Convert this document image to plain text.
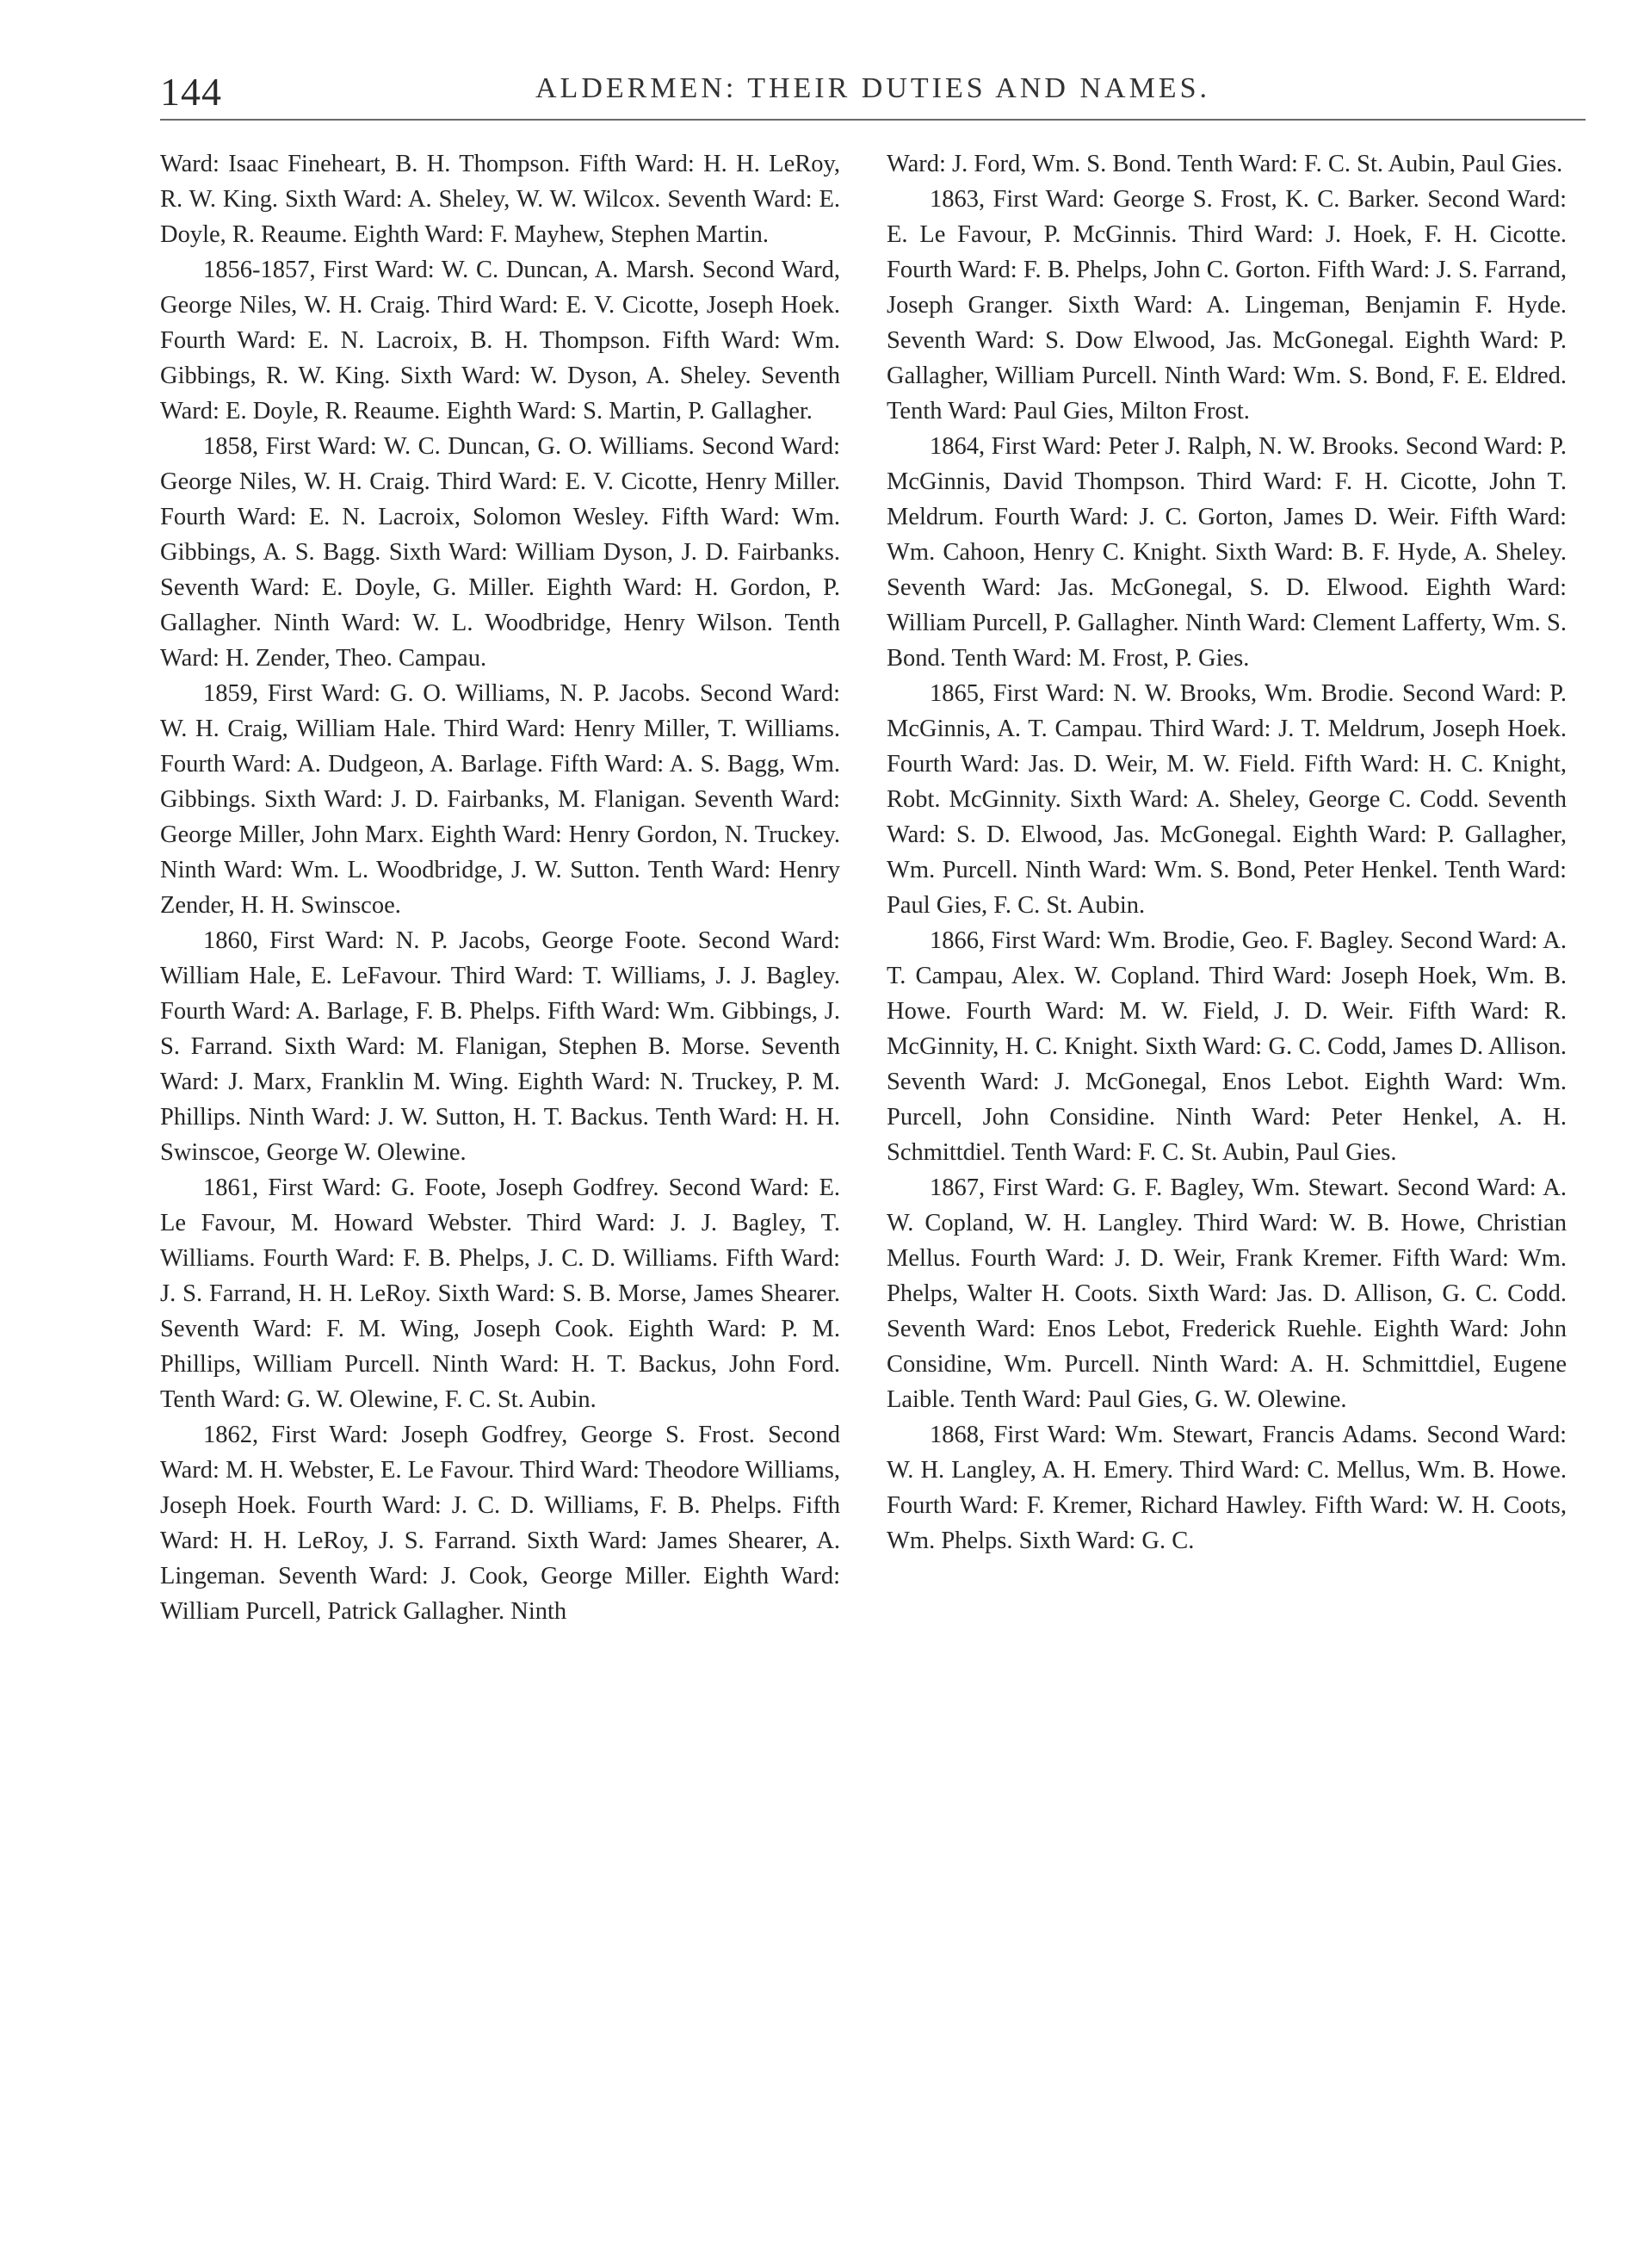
144	ALDERMEN: THEIR DUTIES AND NAMES.

Ward: Isaac Fineheart, B. H. Thompson. Fifth Ward: H. H. LeRoy, R. W. King. Sixth Ward: A. Sheley, W. W. Wilcox. Seventh Ward: E. Doyle, R. Reaume. Eighth Ward: F. Mayhew, Stephen Martin.

1856-1857, First Ward: W. C. Duncan, A. Marsh. Second Ward, George Niles, W. H. Craig. Third Ward: E. V. Cicotte, Joseph Hoek. Fourth Ward: E. N. Lacroix, B. H. Thompson. Fifth Ward: Wm. Gibbings, R. W. King. Sixth Ward: W. Dyson, A. Sheley. Seventh Ward: E. Doyle, R. Reaume. Eighth Ward: S. Martin, P. Gallagher.

1858, First Ward: W. C. Duncan, G. O. Williams. Second Ward: George Niles, W. H. Craig. Third Ward: E. V. Cicotte, Henry Miller. Fourth Ward: E. N. Lacroix, Solomon Wesley. Fifth Ward: Wm. Gibbings, A. S. Bagg. Sixth Ward: William Dyson, J. D. Fairbanks. Seventh Ward: E. Doyle, G. Miller. Eighth Ward: H. Gordon, P. Gallagher. Ninth Ward: W. L. Woodbridge, Henry Wilson. Tenth Ward: H. Zender, Theo. Campau.

1859, First Ward: G. O. Williams, N. P. Jacobs. Second Ward: W. H. Craig, William Hale. Third Ward: Henry Miller, T. Williams. Fourth Ward: A. Dudgeon, A. Barlage. Fifth Ward: A. S. Bagg, Wm. Gibbings. Sixth Ward: J. D. Fairbanks, M. Flanigan. Seventh Ward: George Miller, John Marx. Eighth Ward: Henry Gordon, N. Truckey. Ninth Ward: Wm. L. Woodbridge, J. W. Sutton. Tenth Ward: Henry Zender, H. H. Swinscoe.

1860, First Ward: N. P. Jacobs, George Foote. Second Ward: William Hale, E. LeFavour. Third Ward: T. Williams, J. J. Bagley. Fourth Ward: A. Barlage, F. B. Phelps. Fifth Ward: Wm. Gibbings, J. S. Farrand. Sixth Ward: M. Flanigan, Stephen B. Morse. Seventh Ward: J. Marx, Franklin M. Wing. Eighth Ward: N. Truckey, P. M. Phillips. Ninth Ward: J. W. Sutton, H. T. Backus. Tenth Ward: H. H. Swinscoe, George W. Olewine.

1861, First Ward: G. Foote, Joseph Godfrey. Second Ward: E. Le Favour, M. Howard Webster. Third Ward: J. J. Bagley, T. Williams. Fourth Ward: F. B. Phelps, J. C. D. Williams. Fifth Ward: J. S. Farrand, H. H. LeRoy. Sixth Ward: S. B. Morse, James Shearer. Seventh Ward: F. M. Wing, Joseph Cook. Eighth Ward: P. M. Phillips, William Purcell. Ninth Ward: H. T. Backus, John Ford. Tenth Ward: G. W. Olewine, F. C. St. Aubin.

1862, First Ward: Joseph Godfrey, George S. Frost. Second Ward: M. H. Webster, E. Le Favour. Third Ward: Theodore Williams, Joseph Hoek. Fourth Ward: J. C. D. Williams, F. B. Phelps. Fifth Ward: H. H. LeRoy, J. S. Farrand. Sixth Ward: James Shearer, A. Lingeman. Seventh Ward: J. Cook, George Miller. Eighth Ward: William Purcell, Patrick Gallagher. Ninth

Ward: J. Ford, Wm. S. Bond. Tenth Ward: F. C. St. Aubin, Paul Gies.

1863, First Ward: George S. Frost, K. C. Barker. Second Ward: E. Le Favour, P. McGinnis. Third Ward: J. Hoek, F. H. Cicotte. Fourth Ward: F. B. Phelps, John C. Gorton. Fifth Ward: J. S. Farrand, Joseph Granger. Sixth Ward: A. Lingeman, Benjamin F. Hyde. Seventh Ward: S. Dow Elwood, Jas. McGonegal. Eighth Ward: P. Gallagher, William Purcell. Ninth Ward: Wm. S. Bond, F. E. Eldred. Tenth Ward: Paul Gies, Milton Frost.

1864, First Ward: Peter J. Ralph, N. W. Brooks. Second Ward: P. McGinnis, David Thompson. Third Ward: F. H. Cicotte, John T. Meldrum. Fourth Ward: J. C. Gorton, James D. Weir. Fifth Ward: Wm. Cahoon, Henry C. Knight. Sixth Ward: B. F. Hyde, A. Sheley. Seventh Ward: Jas. McGonegal, S. D. Elwood. Eighth Ward: William Purcell, P. Gallagher. Ninth Ward: Clement Lafferty, Wm. S. Bond. Tenth Ward: M. Frost, P. Gies.

1865, First Ward: N. W. Brooks, Wm. Brodie. Second Ward: P. McGinnis, A. T. Campau. Third Ward: J. T. Meldrum, Joseph Hoek. Fourth Ward: Jas. D. Weir, M. W. Field. Fifth Ward: H. C. Knight, Robt. McGinnity. Sixth Ward: A. Sheley, George C. Codd. Seventh Ward: S. D. Elwood, Jas. McGonegal. Eighth Ward: P. Gallagher, Wm. Purcell. Ninth Ward: Wm. S. Bond, Peter Henkel. Tenth Ward: Paul Gies, F. C. St. Aubin.

1866, First Ward: Wm. Brodie, Geo. F. Bagley. Second Ward: A. T. Campau, Alex. W. Copland. Third Ward: Joseph Hoek, Wm. B. Howe. Fourth Ward: M. W. Field, J. D. Weir. Fifth Ward: R. McGinnity, H. C. Knight. Sixth Ward: G. C. Codd, James D. Allison. Seventh Ward: J. McGonegal, Enos Lebot. Eighth Ward: Wm. Purcell, John Considine. Ninth Ward: Peter Henkel, A. H. Schmittdiel. Tenth Ward: F. C. St. Aubin, Paul Gies.

1867, First Ward: G. F. Bagley, Wm. Stewart. Second Ward: A. W. Copland, W. H. Langley. Third Ward: W. B. Howe, Christian Mellus. Fourth Ward: J. D. Weir, Frank Kremer. Fifth Ward: Wm. Phelps, Walter H. Coots. Sixth Ward: Jas. D. Allison, G. C. Codd. Seventh Ward: Enos Lebot, Frederick Ruehle. Eighth Ward: John Considine, Wm. Purcell. Ninth Ward: A. H. Schmittdiel, Eugene Laible. Tenth Ward: Paul Gies, G. W. Olewine.

1868, First Ward: Wm. Stewart, Francis Adams. Second Ward: W. H. Langley, A. H. Emery. Third Ward: C. Mellus, Wm. B. Howe. Fourth Ward: F. Kremer, Richard Hawley. Fifth Ward: W. H. Coots, Wm. Phelps. Sixth Ward: G. C.
